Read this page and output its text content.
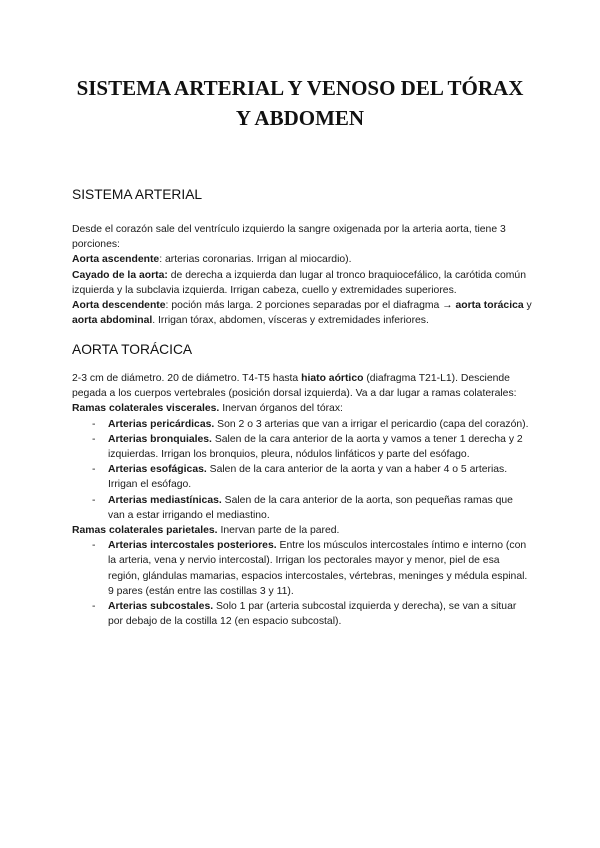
SISTEMA ARTERIAL Y VENOSO DEL TÓRAX
Y ABDOMEN
SISTEMA ARTERIAL

Desde el corazón sale del ventrículo izquierdo la sangre oxigenada por la arteria aorta, tiene 3 porciones:

Aorta ascendente: arterias coronarias. Irrigan al miocardio).

Cayado de la aorta: de derecha a izquierda dan lugar al tronco braquiocefálico, la carótida común izquierda y la subclavia izquierda. Irrigan cabeza, cuello y extremidades superiores.

Aorta descendente: poción más larga. 2 porciones separadas por el diafragma → aorta torácica y aorta abdominal. Irrigan tórax, abdomen, vísceras y extremidades inferiores.

AORTA TORÁCICA

2-3 cm de diámetro. 20 de diámetro. T4-T5 hasta hiato aórtico (diafragma T21-L1). Desciende pegada a los cuerpos vertebrales (posición dorsal izquierda). Va a dar lugar a ramas colaterales:

Ramas colaterales viscerales. Inervan órganos del tórax:

- Arterias pericárdicas. Son 2 o 3 arterias que van a irrigar el pericardio (capa del corazón).
- Arterias bronquiales. Salen de la cara anterior de la aorta y vamos a tener 1 derecha y 2 izquierdas. Irrigan los bronquios, pleura, nódulos linfáticos y parte del esófago.
- Arterias esofágicas. Salen de la cara anterior de la aorta y van a haber 4 o 5 arterias. Irrigan el esófago.
- Arterias mediastínicas. Salen de la cara anterior de la aorta, son pequeñas ramas que van a estar irrigando el mediastino.

Ramas colaterales parietales. Inervan parte de la pared.

- Arterias intercostales posteriores. Entre los músculos intercostales íntimo e interno (con la arteria, vena y nervio intercostal). Irrigan los pectorales mayor y menor, piel de esa región, glándulas mamarias, espacios intercostales, vértebras, meninges y médula espinal. 9 pares (están entre las costillas 3 y 11).
- Arterias subcostales. Solo 1 par (arteria subcostal izquierda y derecha), se van a situar por debajo de la costilla 12 (en espacio subcostal).
